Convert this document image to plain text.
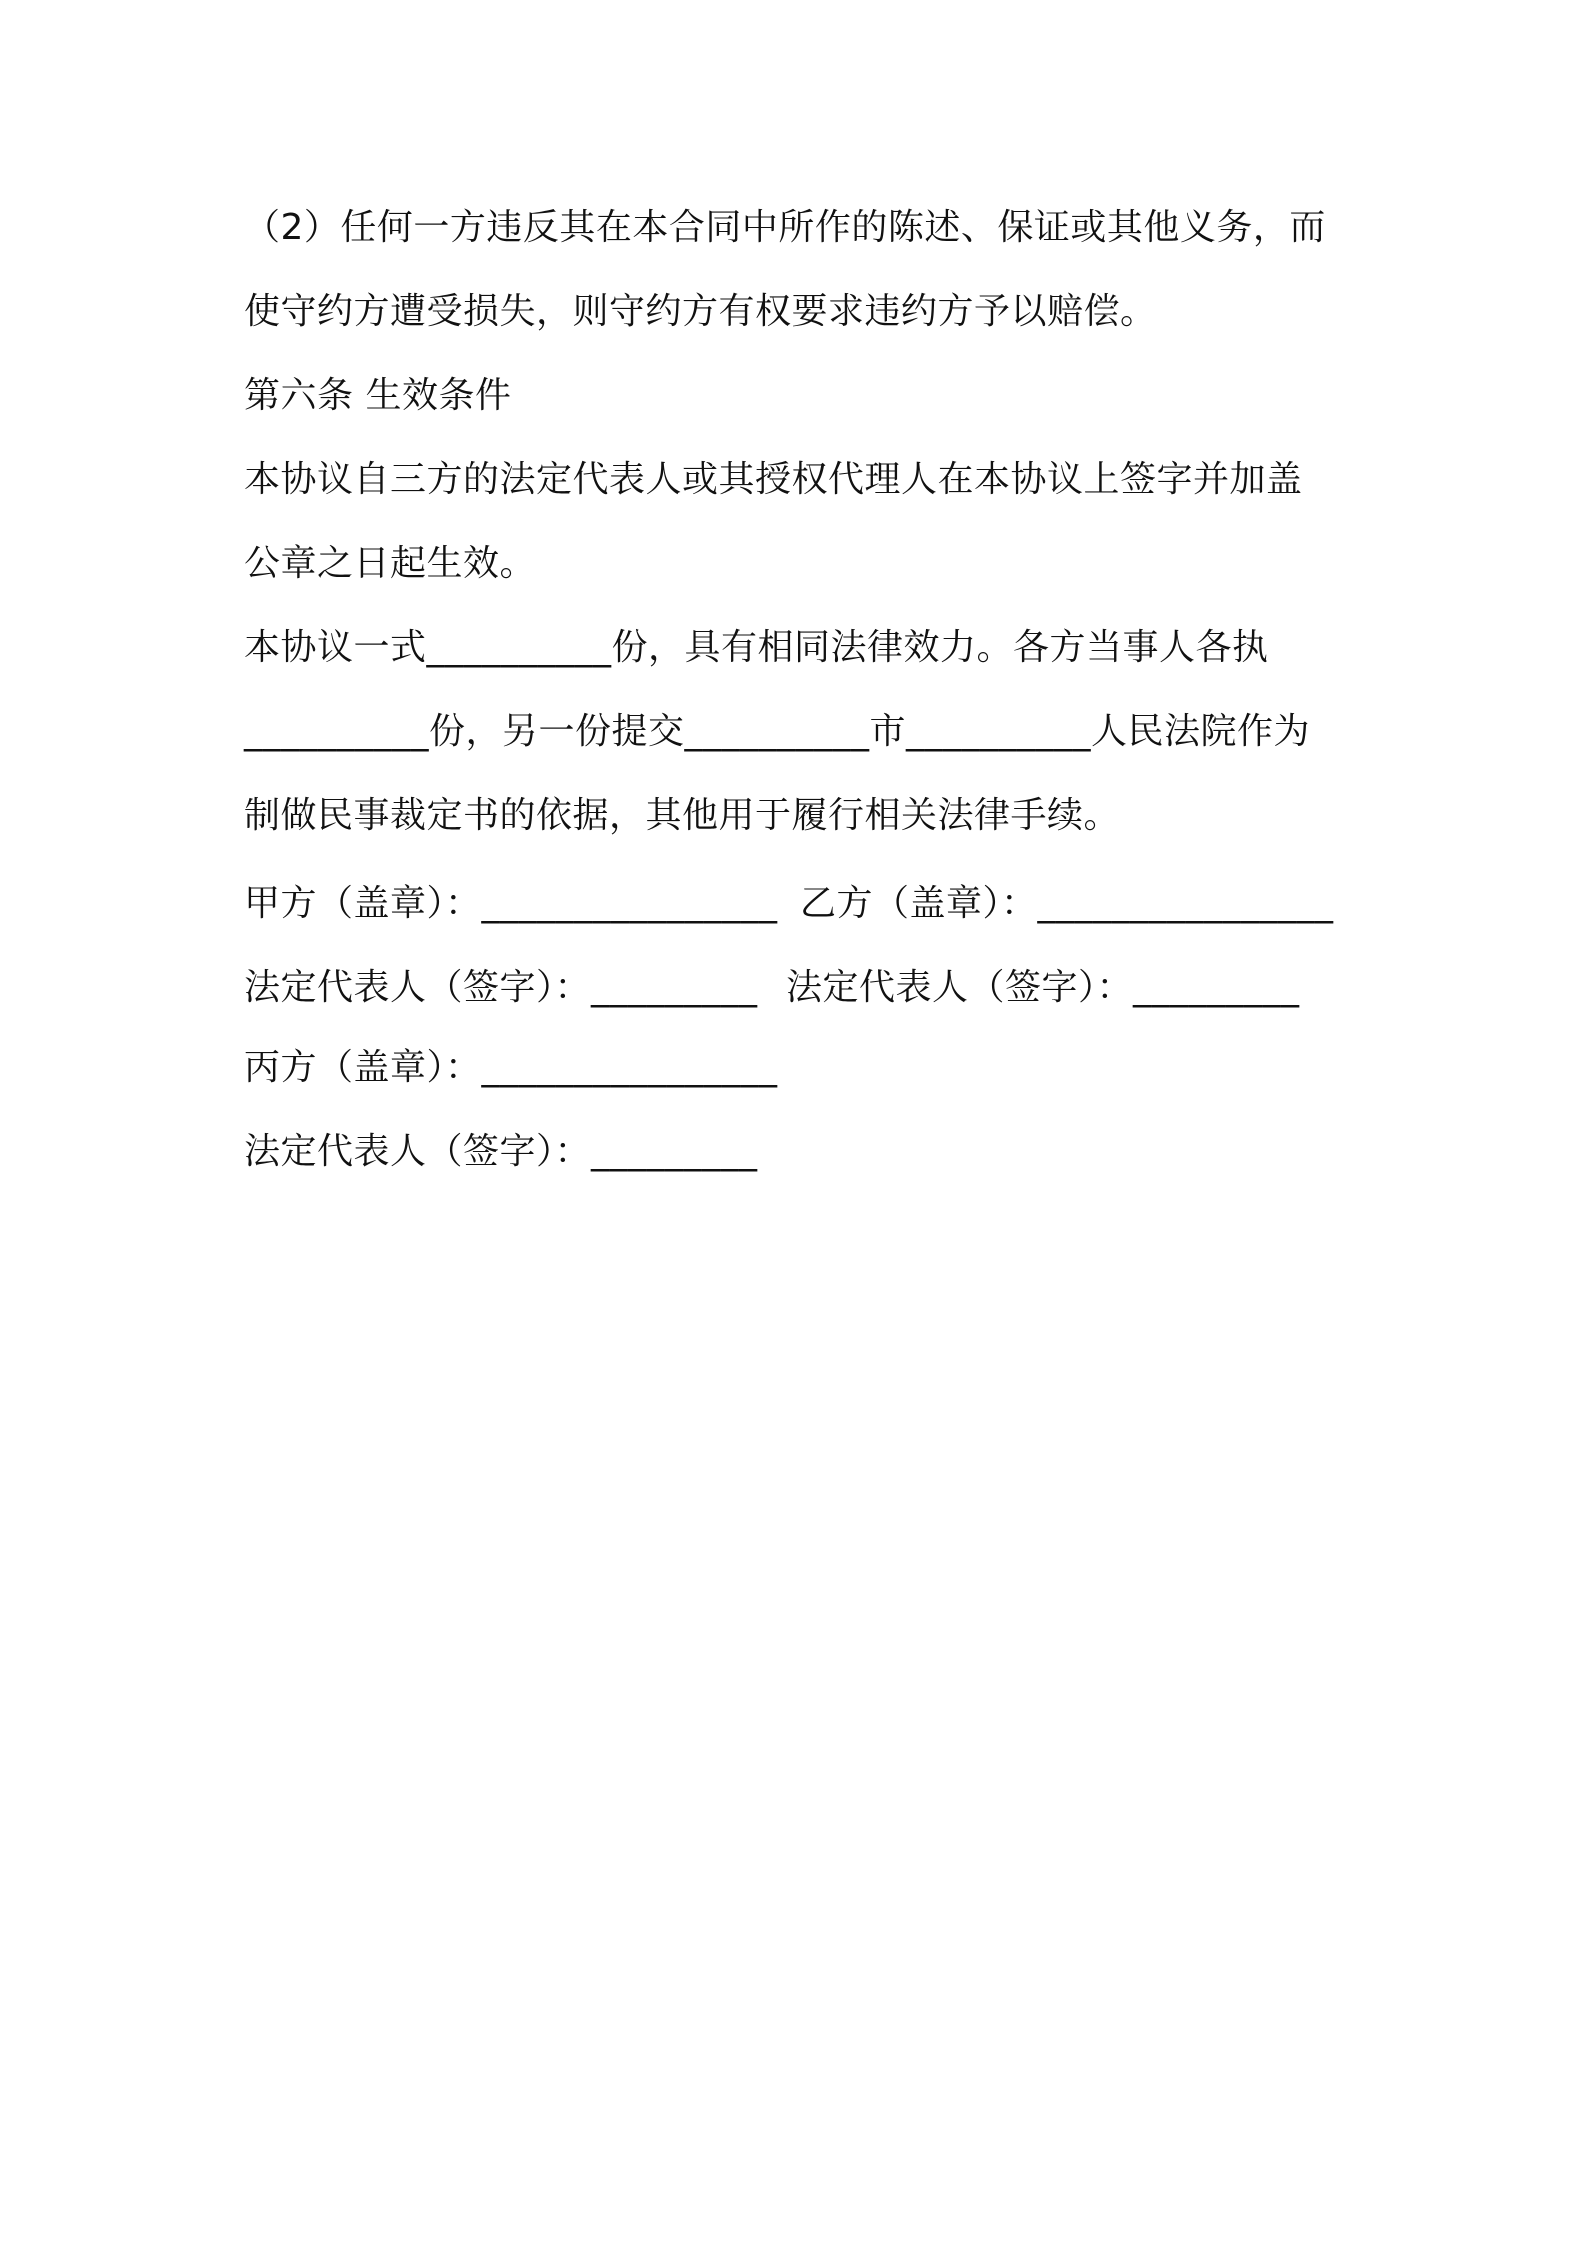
（2）任何一方违反其在本合同中所作的陈述、保证或其他义务，而
使守约方遭受损失，则守约方有权要求违约方予以赔偿。
第六条 生效条件
本协议自三方的法定代表人或其授权代理人在本协议上签字并加盖
公章之日起生效。
本协议一式__________份，具有相同法律效力。各方当事人各执
__________份，另一份提交__________市__________人民法院作为
制做民事裁定书的依据，其他用于履行相关法律手续。
甲方（盖章）：________________ 乙方（盖章）：________________
法定代表人（签字）：_________ 法定代表人（签字）：_________
丙方（盖章）：________________
法定代表人（签字）：_________
